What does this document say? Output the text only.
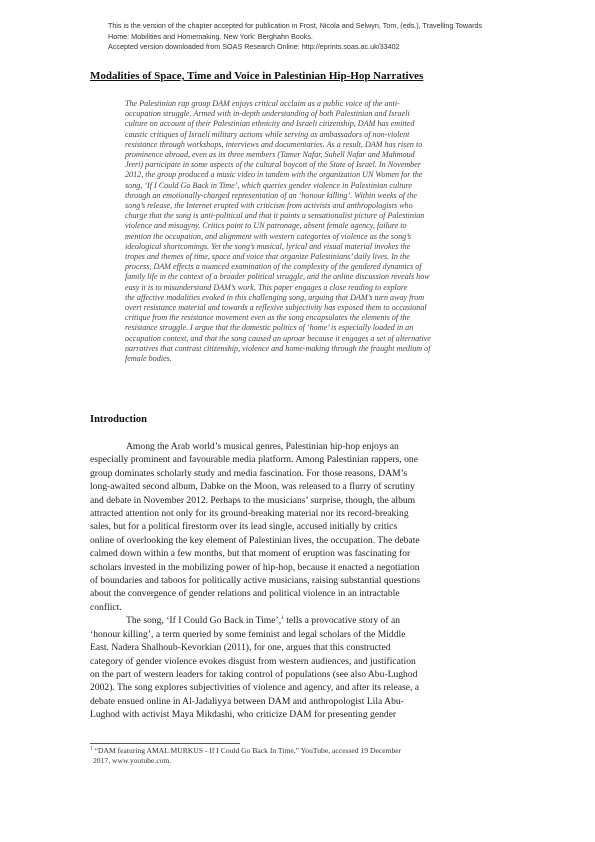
This is the version of the chapter accepted for publication in Frost, Nicola and Selwyn, Tom, (eds.), Travelling Towards
Home: Mobilities and Homemaking. New York: Berghahn Books.
Accepted version downloaded from SOAS Research Online: http://eprints.soas.ac.uk/33402
Modalities of Space, Time and Voice in Palestinian Hip-Hop Narratives
The Palestinian rap group DAM enjoys critical acclaim as a public voice of the anti-
occupation struggle. Armed with in-depth understanding of both Palestinian and Israeli
culture on account of their Palestinian ethnicity and Israeli citizenship, DAM has emitted
caustic critiques of Israeli military actions while serving as ambassadors of non-violent
resistance through workshops, interviews and documentaries. As a result, DAM has risen to
prominence abroad, even as its three members (Tamer Nafar, Suhell Nafar and Mahmoud
Jreri) participate in some aspects of the cultural boycott of the State of Israel. In November
2012, the group produced a music video in tandem with the organization UN Women for the
song, ‘If I Could Go Back in Time’, which queries gender violence in Palestinian culture
through an emotionally-charged representation of an ‘honour killing’. Within weeks of the
song’s release, the Internet erupted with criticism from activists and anthropologists who
charge that the song is anti-political and that it paints a sensationalist picture of Palestinian
violence and misogyny. Critics point to UN patronage, absent female agency, failure to
mention the occupation, and alignment with western categories of violence as the song’s
ideological shortcomings. Yet the song’s musical, lyrical and visual material invokes the
tropes and themes of time, space and voice that organize Palestinians’ daily lives. In the
process, DAM effects a nuanced examination of the complexity of the gendered dynamics of
family life in the context of a broader political struggle, and the online discussion reveals how
easy it is to misunderstand DAM’s work. This paper engages a close reading to explore
the affective modalities evoked in this challenging song, arguing that DAM’s turn away from
overt resistance material and towards a reflexive subjectivity has exposed them to occasional
critique from the resistance movement even as the song encapsulates the elements of the
resistance struggle. I argue that the domestic politics of ‘home’ is especially loaded in an
occupation context, and that the song caused an uproar because it engages a set of alternative
narratives that contrast citizenship, violence and home-making through the fraught medium of
female bodies.
Introduction
Among the Arab world’s musical genres, Palestinian hip-hop enjoys an
especially prominent and favourable media platform. Among Palestinian rappers, one
group dominates scholarly study and media fascination. For those reasons, DAM’s
long-awaited second album, Dabke on the Moon, was released to a flurry of scrutiny
and debate in November 2012. Perhaps to the musicians’ surprise, though, the album
attracted attention not only for its ground-breaking material nor its record-breaking
sales, but for a political firestorm over its lead single, accused initially by critics
online of overlooking the key element of Palestinian lives, the occupation. The debate
calmed down within a few months, but that moment of eruption was fascinating for
scholars invested in the mobilizing power of hip-hop, because it enacted a negotiation
of boundaries and taboos for politically active musicians, raising substantial questions
about the convergence of gender relations and political violence in an intractable
conflict.
The song, ‘If I Could Go Back in Time’,$^1$ tells a provocative story of an
‘honour killing’, a term queried by some feminist and legal scholars of the Middle
East. Nadera Shalhoub-Kevorkian (2011), for one, argues that this constructed
category of gender violence evokes disgust from western audiences, and justification
on the part of western leaders for taking control of populations (see also Abu-Lughod
2002). The song explores subjectivities of violence and agency, and after its release, a
debate ensued online in Al-Jadaliyya between DAM and anthropologist Lila Abu-
Lughod with activist Maya Mikdashi, who criticize DAM for presenting gender
$^1$ “DAM featuring AMAL MURKUS - If I Could Go Back In Time,” YouTube, accessed 19 December
2017, www.youtube.com.
